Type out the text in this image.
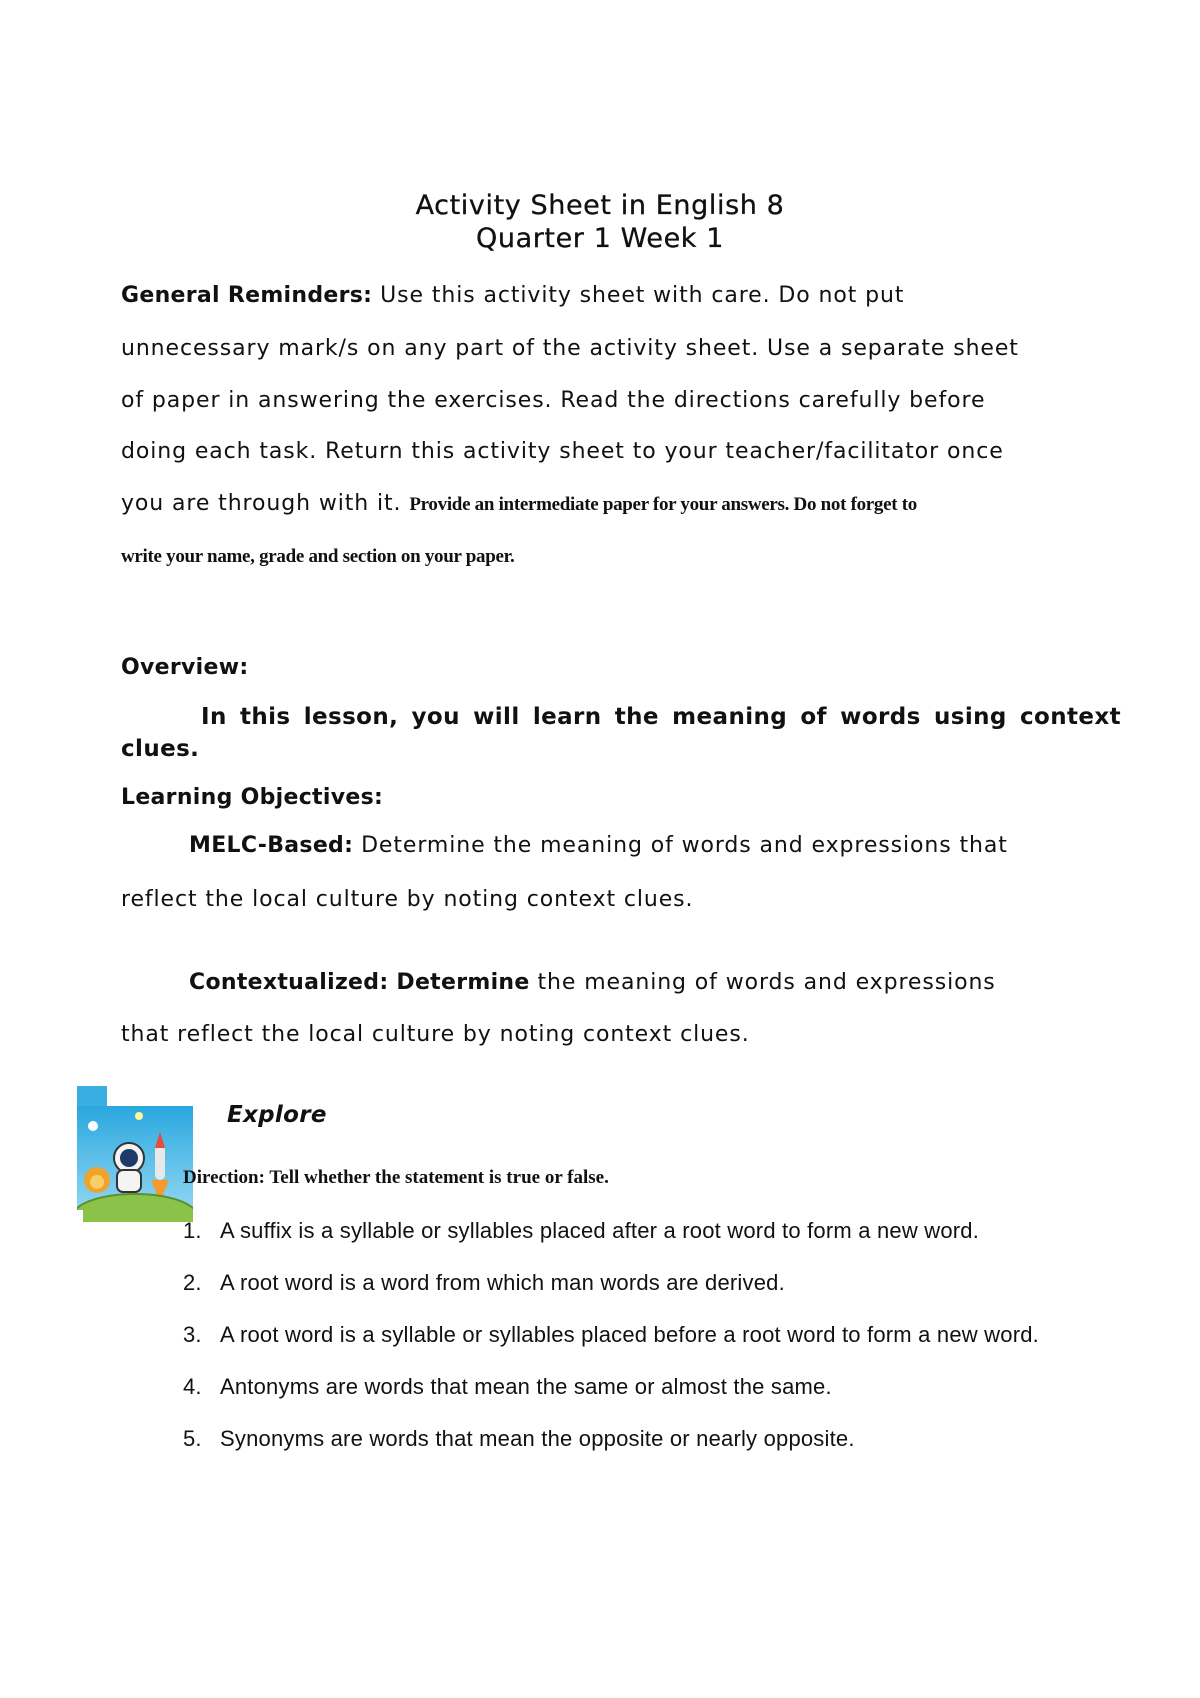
Activity Sheet in English 8
Quarter 1 Week 1
General Reminders: Use this activity sheet with care. Do not put
unnecessary mark/s on any part of the activity sheet. Use a separate sheet
of paper in answering the exercises. Read the directions carefully before
doing each task. Return this activity sheet to your teacher/facilitator once
you are through with it. Provide an intermediate paper for your answers. Do not forget to
write your name, grade and section on your paper.
Overview:
In this lesson, you will learn the meaning of words using context clues.
Learning Objectives:
MELC-Based: Determine the meaning of words and expressions that
reflect the local culture by noting context clues.
Contextualized: Determine the meaning of words and expressions
that reflect the local culture by noting context clues.
Explore
Direction: Tell whether the statement is true or false.
1. A suffix is a syllable or syllables placed after a root word to form a new word.
2. A root word is a word from which man words are derived.
3. A root word is a syllable or syllables placed before a root word to form a new word.
4. Antonyms are words that mean the same or almost the same.
5. Synonyms are words that mean the opposite or nearly opposite.
